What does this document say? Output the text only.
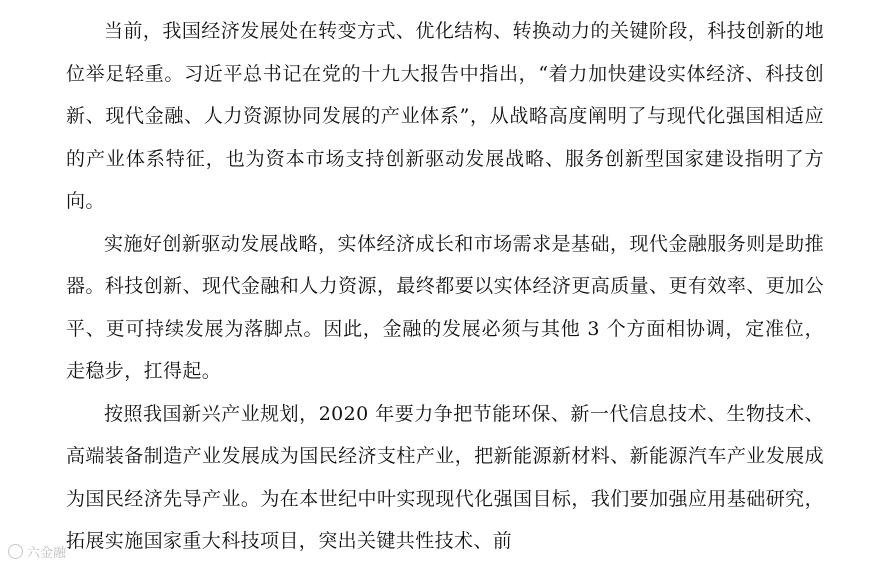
当前，我国经济发展处在转变方式、优化结构、转换动力的关键阶段，科技创新的地位举足轻重。习近平总书记在党的十九大报告中指出，“着力加快建设实体经济、科技创新、现代金融、人力资源协同发展的产业体系”，从战略高度阐明了与现代化强国相适应的产业体系特征，也为资本市场支持创新驱动发展战略、服务创新型国家建设指明了方向。

实施好创新驱动发展战略，实体经济成长和市场需求是基础，现代金融服务则是助推器。科技创新、现代金融和人力资源，最终都要以实体经济更高质量、更有效率、更加公平、更可持续发展为落脚点。因此，金融的发展必须与其他 3 个方面相协调，定准位，走稳步，扛得起。

按照我国新兴产业规划，2020 年要力争把节能环保、新一代信息技术、生物技术、高端装备制造产业发展成为国民经济支柱产业，把新能源新材料、新能源汽车产业发展成为国民经济先导产业。为在本世纪中叶实现现代化强国目标，我们要加强应用基础研究，拓展实施国家重大科技项目，突出关键共性技术、前

六金融
